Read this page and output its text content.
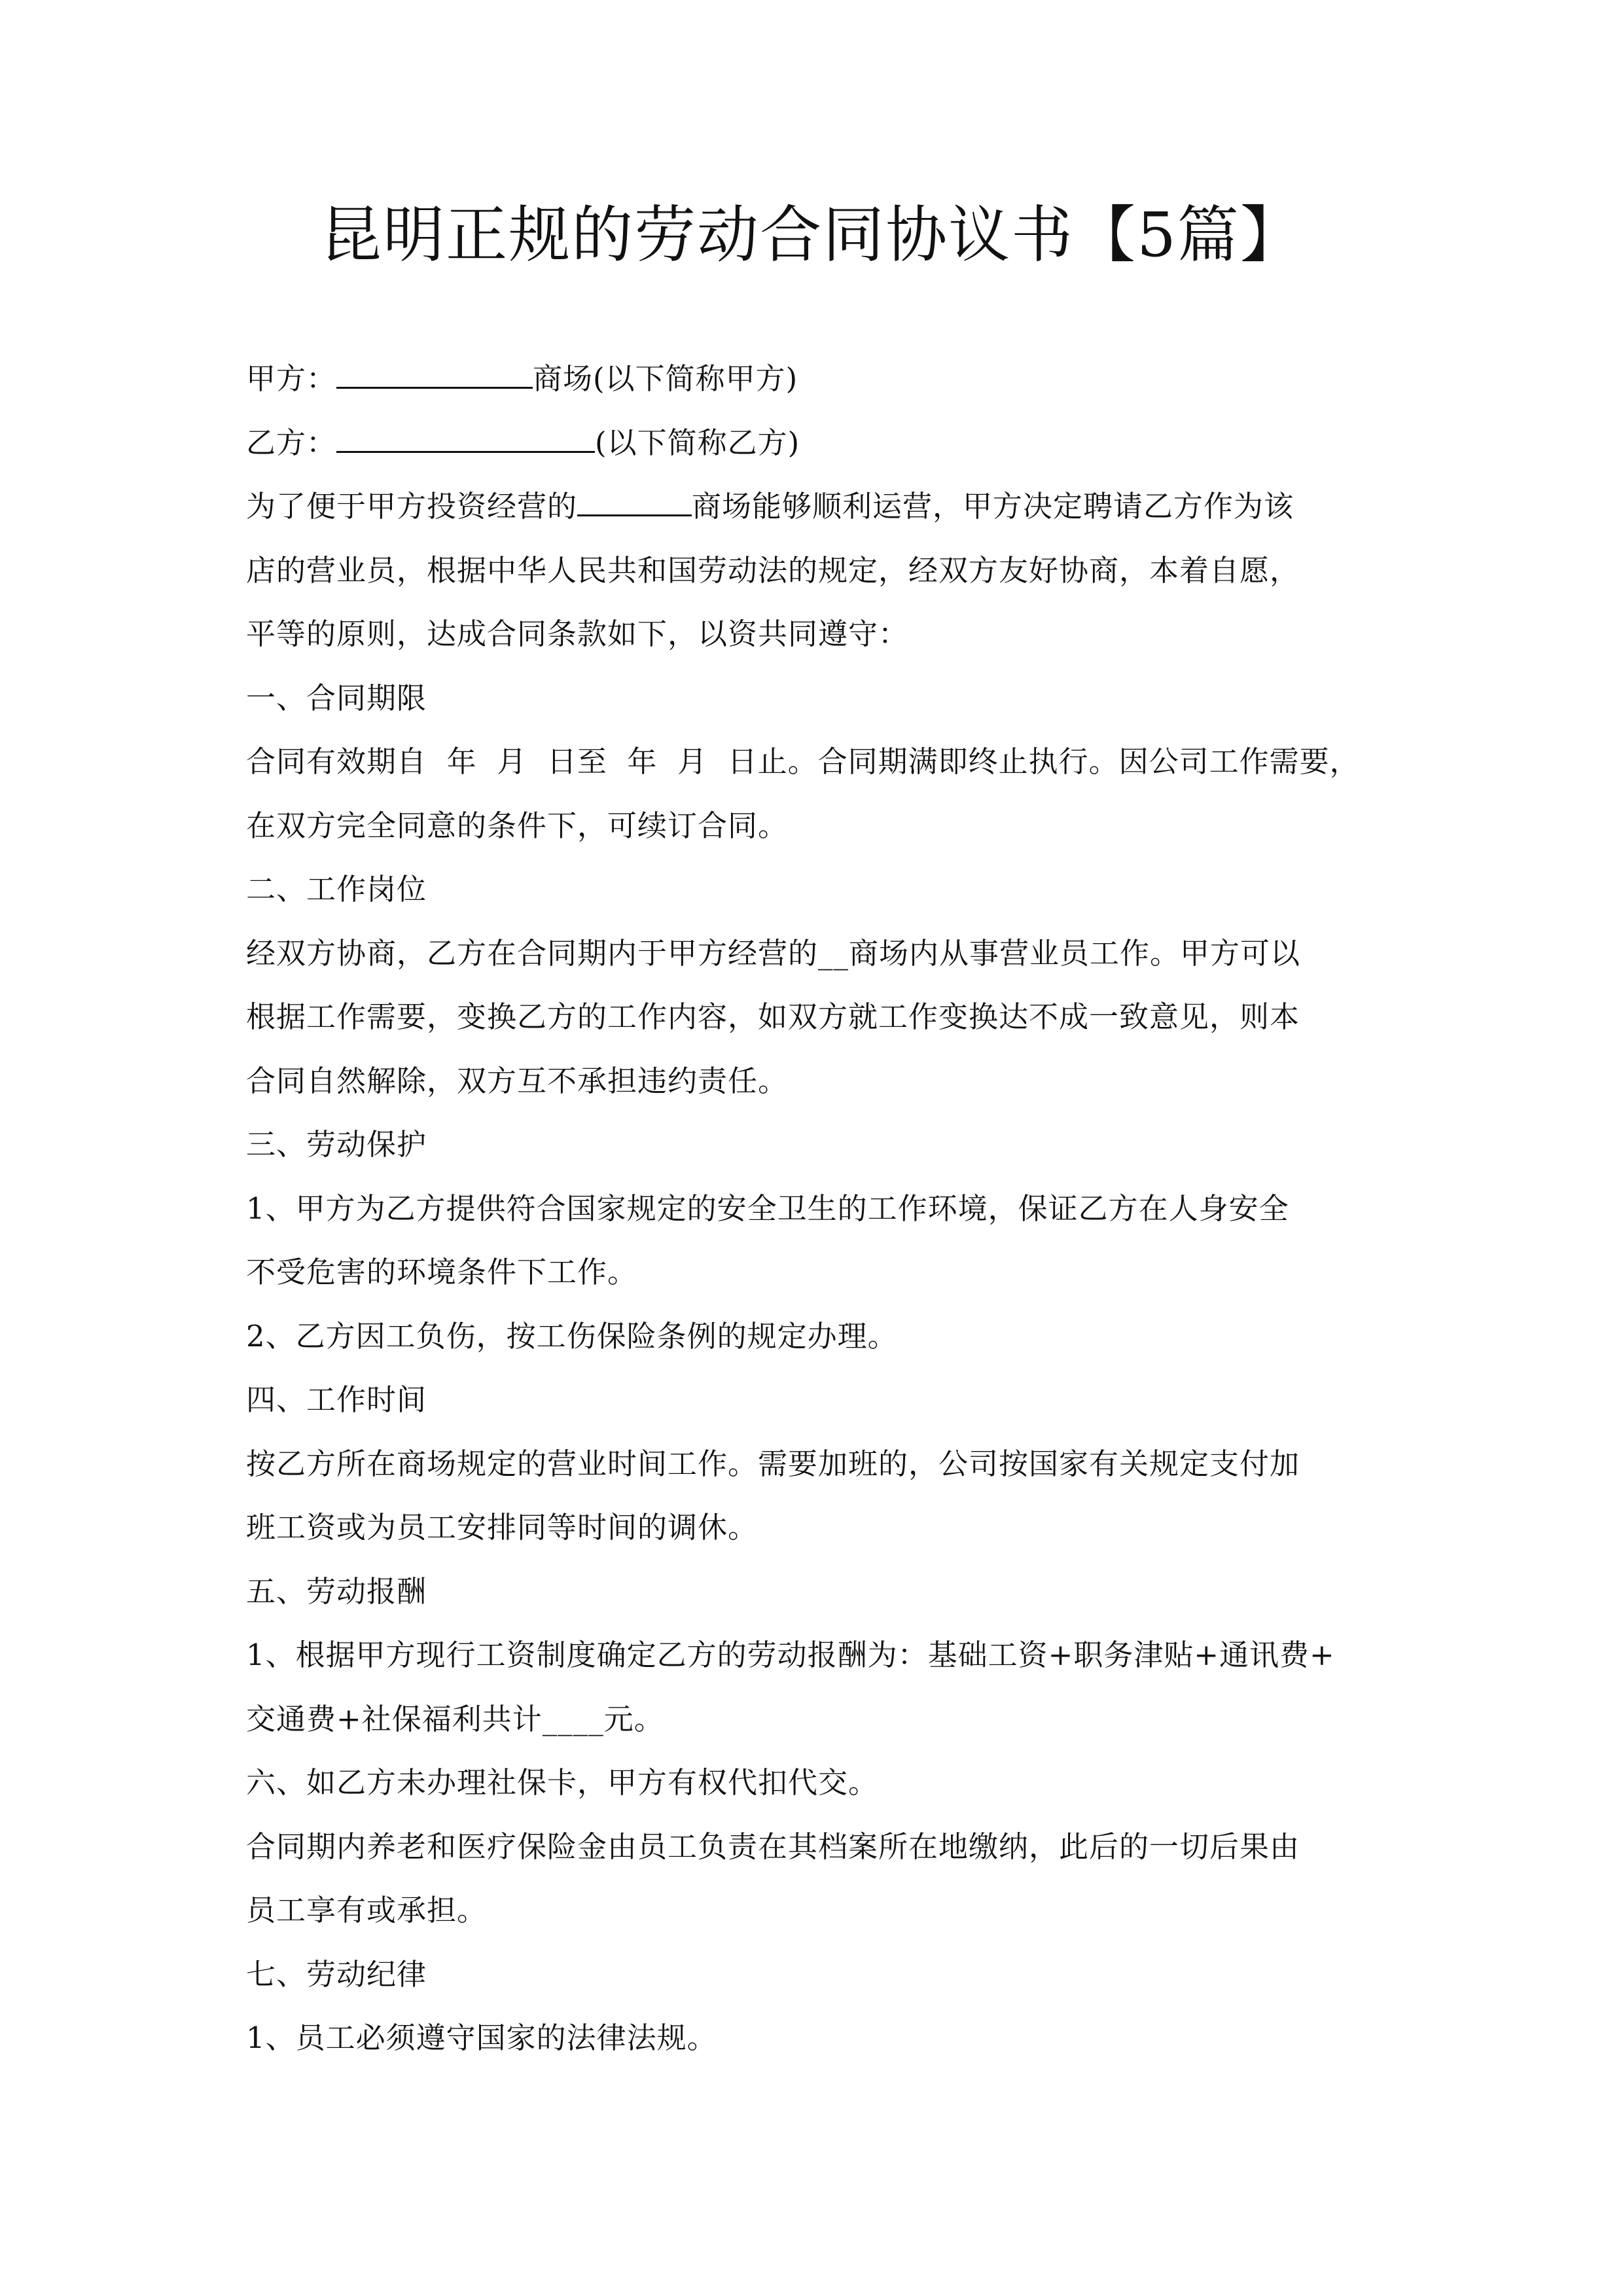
昆明正规的劳动合同协议书【5篇】
甲方：	商场(以下简称甲方)
乙方：	(以下简称乙方)
为了便于甲方投资经营的	商场能够顺利运营，甲方决定聘请乙方作为该
店的营业员，根据中华人民共和国劳动法的规定，经双方友好协商，本着自愿，
平等的原则，达成合同条款如下，以资共同遵守：
一、合同期限
合同有效期自  年  月  日至  年  月  日止。合同期满即终止执行。因公司工作需要，
在双方完全同意的条件下，可续订合同。
二、工作岗位
经双方协商，乙方在合同期内于甲方经营的__商场内从事营业员工作。甲方可以
根据工作需要，变换乙方的工作内容，如双方就工作变换达不成一致意见，则本
合同自然解除，双方互不承担违约责任。
三、劳动保护
1、甲方为乙方提供符合国家规定的安全卫生的工作环境，保证乙方在人身安全
不受危害的环境条件下工作。
2、乙方因工负伤，按工伤保险条例的规定办理。
四、工作时间
按乙方所在商场规定的营业时间工作。需要加班的，公司按国家有关规定支付加
班工资或为员工安排同等时间的调休。
五、劳动报酬
1、根据甲方现行工资制度确定乙方的劳动报酬为：基础工资+职务津贴+通讯费+
交通费+社保福利共计____元。
六、如乙方未办理社保卡，甲方有权代扣代交。
合同期内养老和医疗保险金由员工负责在其档案所在地缴纳，此后的一切后果由
员工享有或承担。
七、劳动纪律
1、员工必须遵守国家的法律法规。
